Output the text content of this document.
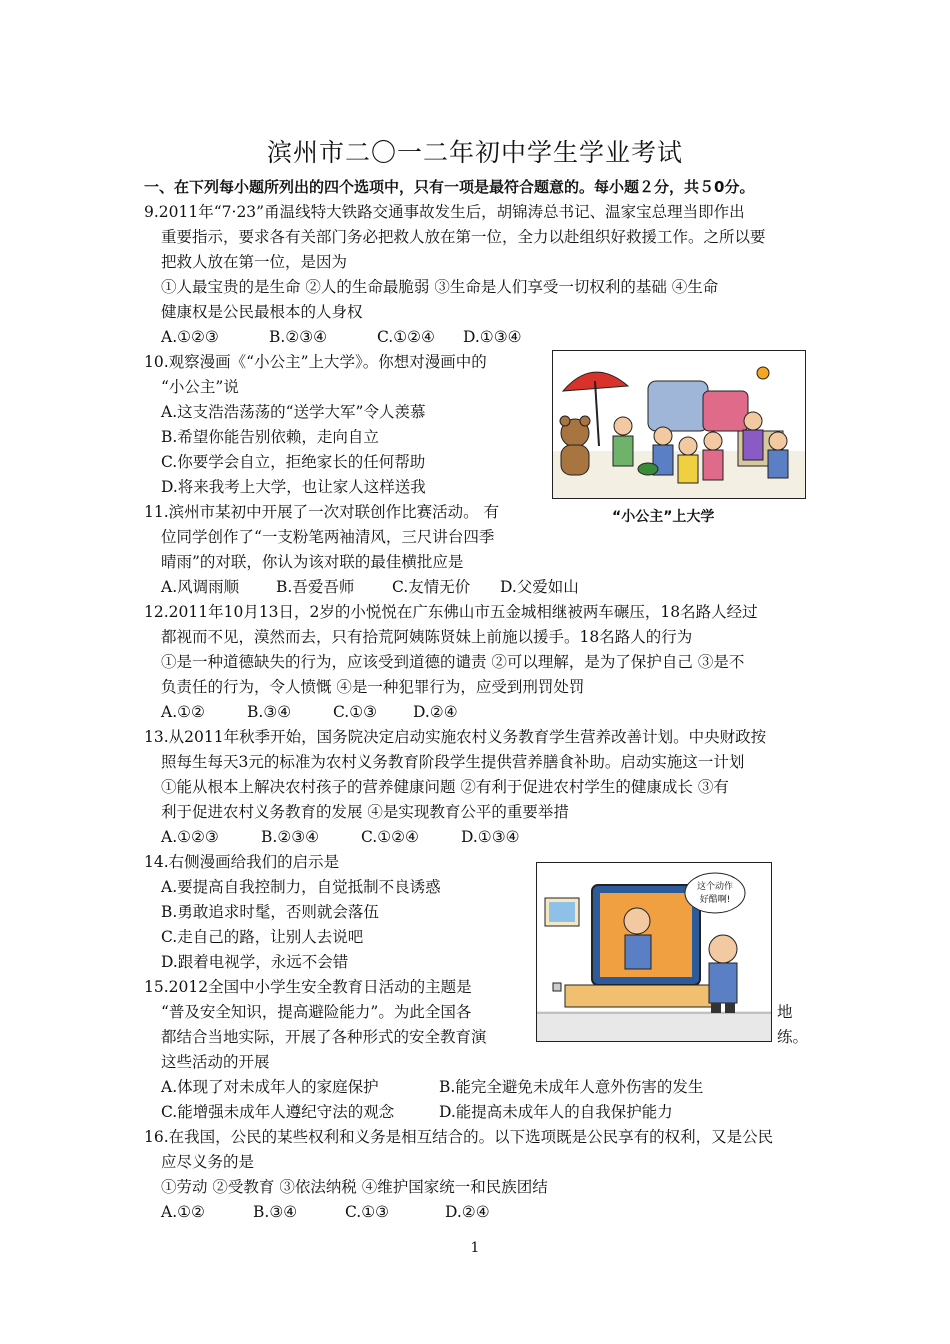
滨州市二〇一二年初中学生学业考试
一、在下列每小题所列出的四个选项中，只有一项是最符合题意的。每小题２分，共５0分。
9.2011年“7·23”甬温线特大铁路交通事故发生后，胡锦涛总书记、温家宝总理当即作出
重要指示，要求各有关部门务必把救人放在第一位，全力以赴组织好救援工作。之所以要
把救人放在第一位，是因为
①人最宝贵的是生命 ②人的生命最脆弱 ③生命是人们享受一切权利的基础 ④生命
健康权是公民最根本的人身权
A.①②③	B.②③④	C.①②④ D.①③④
10.观察漫画《“小公主”上大学》。你想对漫画中的
“小公主”说
A.这支浩浩荡荡的“送学大军”令人羡慕
B.希望你能告别依赖，走向自立
C.你要学会自立，拒绝家长的任何帮助
D.将来我考上大学，也让家人这样送我
“小公主”上大学
11.滨州市某初中开展了一次对联创作比赛活动。 有
位同学创作了“一支粉笔两袖清风，三尺讲台四季
晴雨”的对联，你认为该对联的最佳横批应是
A.风调雨顺 B.吾爱吾师 C.友情无价 D.父爱如山
12.2011年10月13日，2岁的小悦悦在广东佛山市五金城相继被两车碾压，18名路人经过
都视而不见，漠然而去，只有拾荒阿姨陈贤妹上前施以援手。18名路人的行为
①是一种道德缺失的行为，应该受到道德的谴责 ②可以理解，是为了保护自己 ③是不
负责任的行为，令人愤慨 ④是一种犯罪行为，应受到刑罚处罚
A.①②	B.③④	C.①③ D.②④
13.从2011年秋季开始，国务院决定启动实施农村义务教育学生营养改善计划。中央财政按
照每生每天3元的标准为农村义务教育阶段学生提供营养膳食补助。启动实施这一计划
①能从根本上解决农村孩子的营养健康问题 ②有利于促进农村学生的健康成长 ③有
利于促进农村义务教育的发展 ④是实现教育公平的重要举措
A.①②③	B.②③④	C.①②④	D.①③④
14.右侧漫画给我们的启示是
A.要提高自我控制力，自觉抵制不良诱惑
B.勇敢追求时髦，否则就会落伍
C.走自己的路，让别人去说吧
D.跟着电视学，永远不会错
这个动作
好酷啊!
15.2012全国中小学生安全教育日活动的主题是
“普及安全知识，提高避险能力”。为此全国各	地
都结合当地实际，开展了各种形式的安全教育演	练。
这些活动的开展
A.体现了对未成年人的家庭保护	B.能完全避免未成年人意外伤害的发生
C.能增强未成年人遵纪守法的观念	D.能提高未成年人的自我保护能力
16.在我国，公民的某些权利和义务是相互结合的。以下选项既是公民享有的权利，又是公民
应尽义务的是
①劳动 ②受教育 ③依法纳税 ④维护国家统一和民族团结
A.①②	B.③④	C.①③	D.②④
1
